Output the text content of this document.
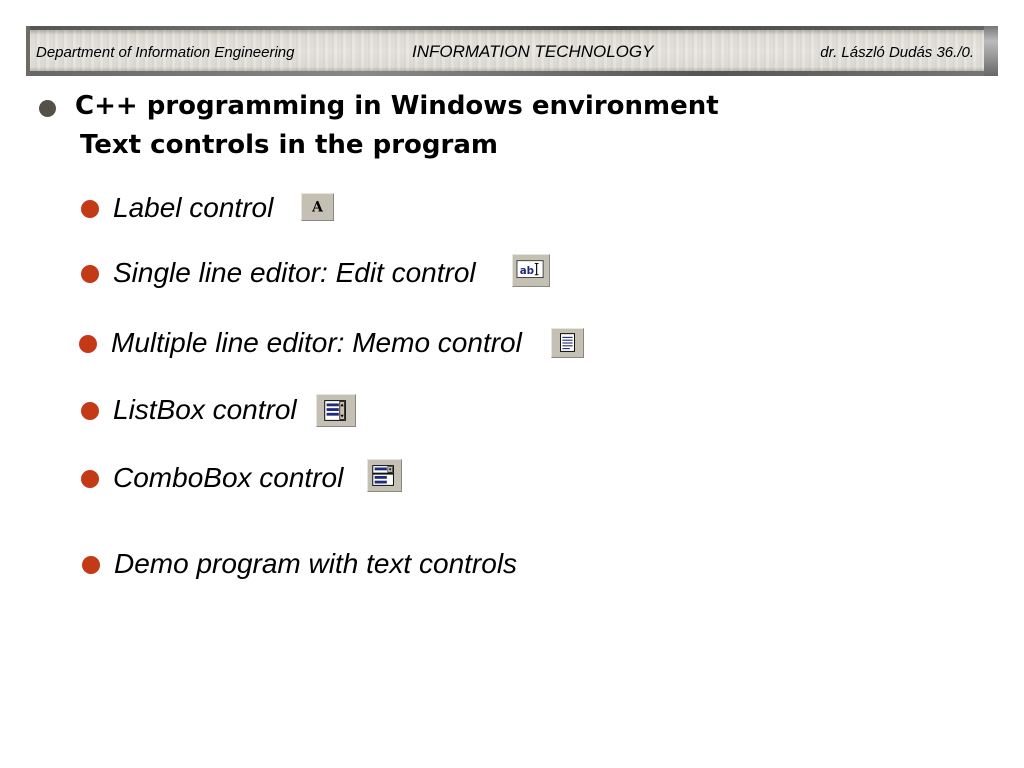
Department of Information Engineering	INFORMATION TECHNOLOGY	dr. László Dudás 36./0.
C++ programming in Windows environment
Text controls in the program
Label control	A
Single line editor: Edit control	ab
Multiple line editor: Memo control
ListBox control
ComboBox control
Demo program with text controls
